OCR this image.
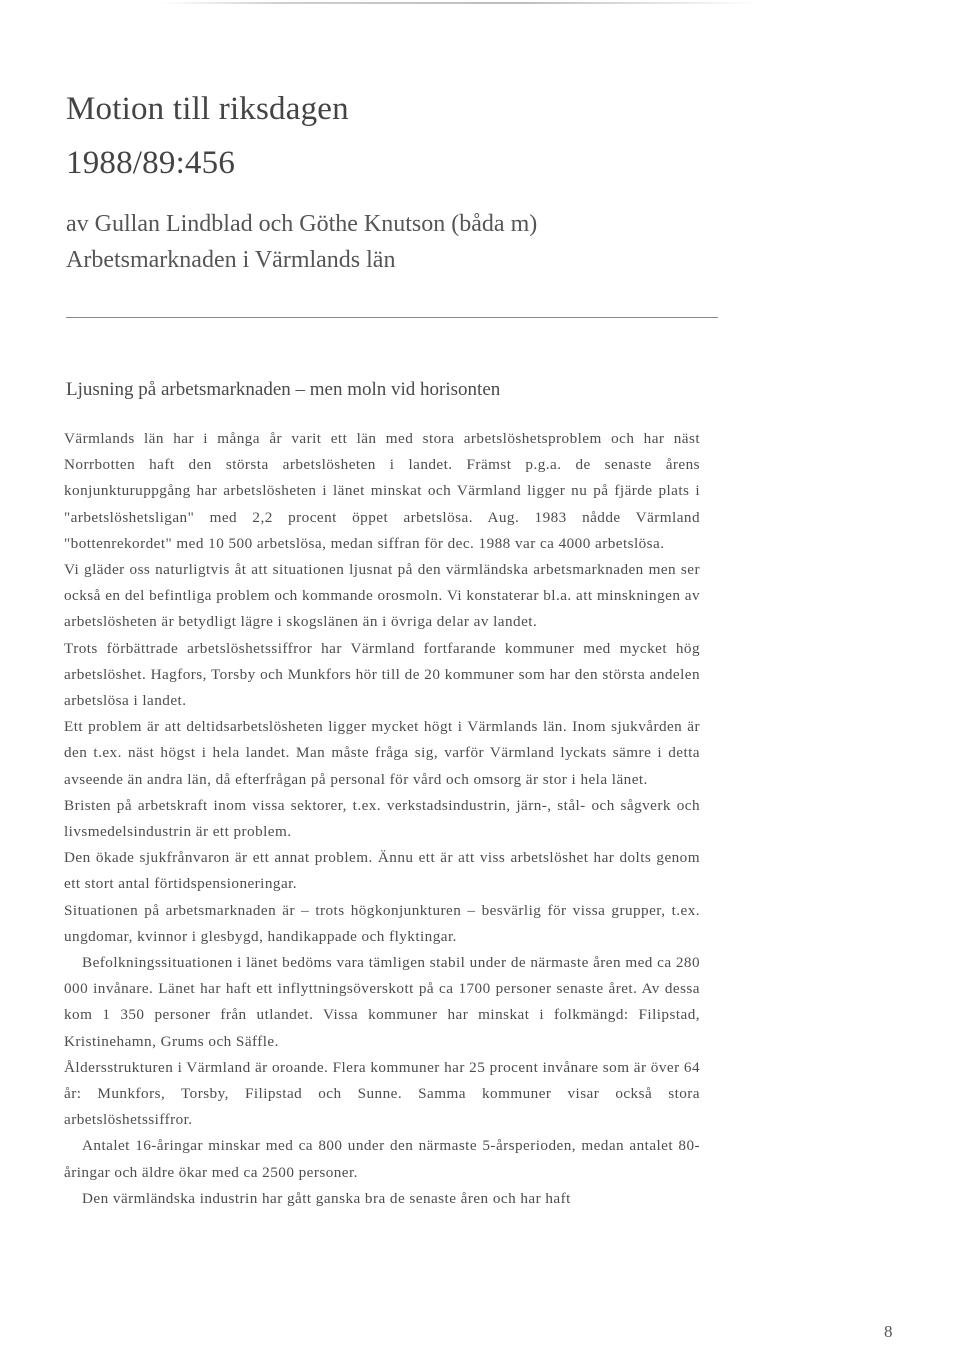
Motion till riksdagen
1988/89:456
av Gullan Lindblad och Göthe Knutson (båda m)
Arbetsmarknaden i Värmlands län
Ljusning på arbetsmarknaden – men moln vid horisonten

Värmlands län har i många år varit ett län med stora arbetslöshetsproblem och har näst Norrbotten haft den största arbetslösheten i landet. Främst p.g.a. de senaste årens konjunkturuppgång har arbetslösheten i länet minskat och Värmland ligger nu på fjärde plats i "arbetslöshetsligan" med 2,2 procent öppet arbetslösa. Aug. 1983 nådde Värmland "bottenrekordet" med 10 500 arbetslösa, medan siffran för dec. 1988 var ca 4000 arbetslösa.

Vi gläder oss naturligtvis åt att situationen ljusnat på den värmländska arbetsmarknaden men ser också en del befintliga problem och kommande orosmoln. Vi konstaterar bl.a. att minskningen av arbetslösheten är betydligt lägre i skogslänen än i övriga delar av landet.

Trots förbättrade arbetslöshetssiffror har Värmland fortfarande kommuner med mycket hög arbetslöshet. Hagfors, Torsby och Munkfors hör till de 20 kommuner som har den största andelen arbetslösa i landet.

Ett problem är att deltidsarbetslösheten ligger mycket högt i Värmlands län. Inom sjukvården är den t.ex. näst högst i hela landet. Man måste fråga sig, varför Värmland lyckats sämre i detta avseende än andra län, då efterfrågan på personal för vård och omsorg är stor i hela länet.

Bristen på arbetskraft inom vissa sektorer, t.ex. verkstadsindustrin, järn-, stål- och sågverk och livsmedelsindustrin är ett problem.

Den ökade sjukfrånvaron är ett annat problem. Ännu ett är att viss arbetslöshet har dolts genom ett stort antal förtidspensioneringar.

Situationen på arbetsmarknaden är – trots högkonjunkturen – besvärlig för vissa grupper, t.ex. ungdomar, kvinnor i glesbygd, handikappade och flyktingar.

Befolkningssituationen i länet bedöms vara tämligen stabil under de närmaste åren med ca 280 000 invånare. Länet har haft ett inflyttningsöverskott på ca 1700 personer senaste året. Av dessa kom 1 350 personer från utlandet. Vissa kommuner har minskat i folkmängd: Filipstad, Kristinehamn, Grums och Säffle.

Åldersstrukturen i Värmland är oroande. Flera kommuner har 25 procent invånare som är över 64 år: Munkfors, Torsby, Filipstad och Sunne. Samma kommuner visar också stora arbetslöshetssiffror.

Antalet 16-åringar minskar med ca 800 under den närmaste 5-årsperioden, medan antalet 80-åringar och äldre ökar med ca 2500 personer.

Den värmländska industrin har gått ganska bra de senaste åren och har haft

8
